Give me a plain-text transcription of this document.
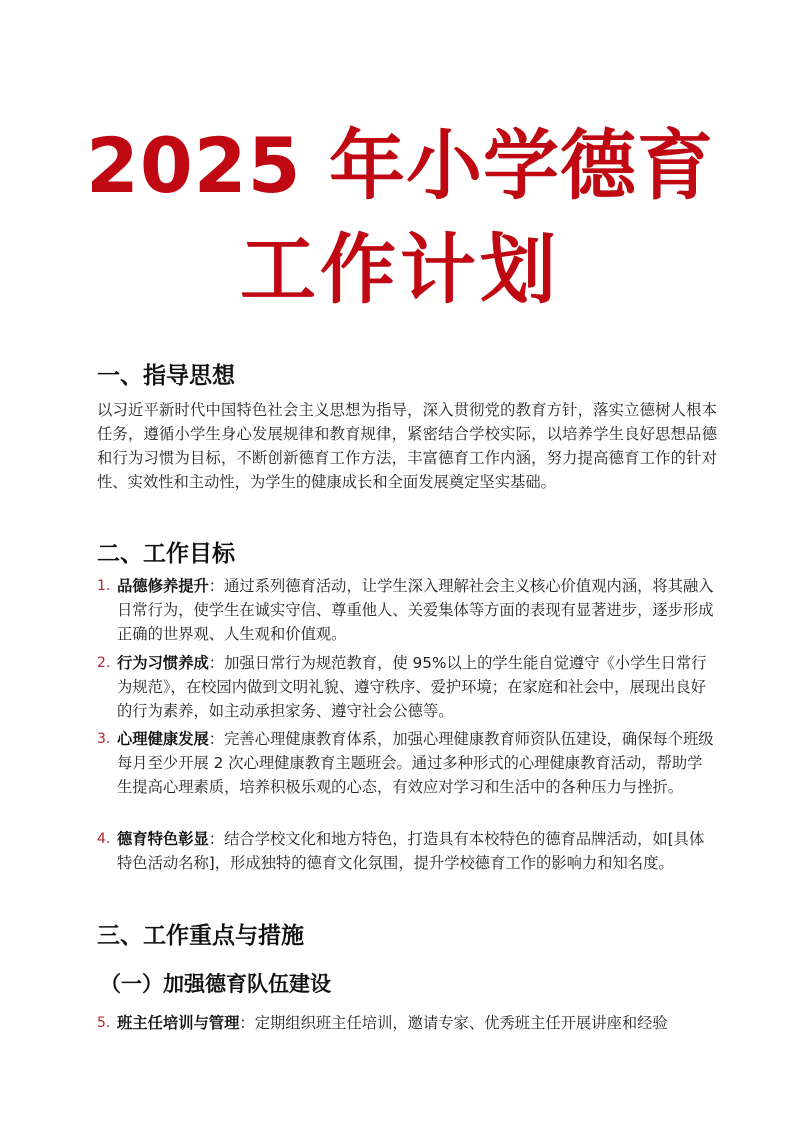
2025 年小学德育
工作计划
一、指导思想
以习近平新时代中国特色社会主义思想为指导，深入贯彻党的教育方针，落实立德树人根本任务，遵循小学生身心发展规律和教育规律，紧密结合学校实际，以培养学生良好思想品德和行为习惯为目标，不断创新德育工作方法，丰富德育工作内涵，努力提高德育工作的针对性、实效性和主动性，为学生的健康成长和全面发展奠定坚实基础。
二、工作目标
1. 品德修养提升：通过系列德育活动，让学生深入理解社会主义核心价值观内涵，将其融入日常行为，使学生在诚实守信、尊重他人、关爱集体等方面的表现有显著进步，逐步形成正确的世界观、人生观和价值观。
2. 行为习惯养成：加强日常行为规范教育，使 95%以上的学生能自觉遵守《小学生日常行为规范》，在校园内做到文明礼貌、遵守秩序、爱护环境；在家庭和社会中，展现出良好的行为素养，如主动承担家务、遵守社会公德等。
3. 心理健康发展：完善心理健康教育体系，加强心理健康教育师资队伍建设，确保每个班级每月至少开展 2 次心理健康教育主题班会。通过多种形式的心理健康教育活动，帮助学生提高心理素质，培养积极乐观的心态，有效应对学习和生活中的各种压力与挫折。
4. 德育特色彰显：结合学校文化和地方特色，打造具有本校特色的德育品牌活动，如[具体特色活动名称]，形成独特的德育文化氛围，提升学校德育工作的影响力和知名度。
三、工作重点与措施
（一）加强德育队伍建设
5. 班主任培训与管理：定期组织班主任培训，邀请专家、优秀班主任开展讲座和经验
